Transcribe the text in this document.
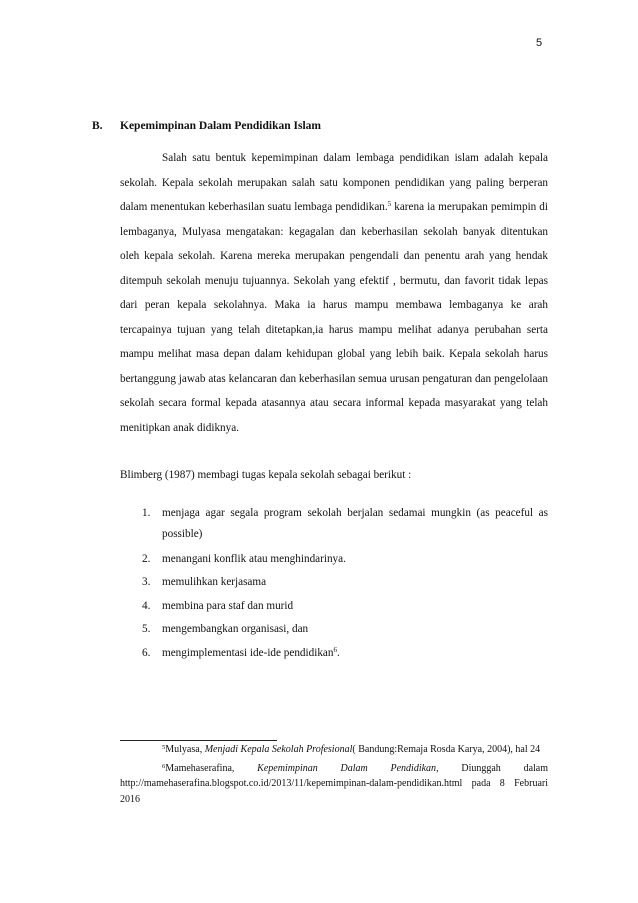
5
B. Kepemimpinan Dalam Pendidikan Islam
Salah satu bentuk kepemimpinan dalam lembaga pendidikan islam adalah kepala sekolah. Kepala sekolah merupakan salah satu komponen pendidikan yang paling berperan dalam menentukan keberhasilan suatu lembaga pendidikan.$^5$ karena ia merupakan pemimpin di lembaganya, Mulyasa mengatakan: kegagalan dan keberhasilan sekolah banyak ditentukan oleh kepala sekolah. Karena mereka merupakan pengendali dan penentu arah yang hendak ditempuh sekolah menuju tujuannya. Sekolah yang efektif , bermutu, dan favorit tidak lepas dari peran kepala sekolahnya. Maka ia harus mampu membawa lembaganya ke arah tercapainya tujuan yang telah ditetapkan,ia harus mampu melihat adanya perubahan serta mampu melihat masa depan dalam kehidupan global yang lebih baik. Kepala sekolah harus bertanggung jawab atas kelancaran dan keberhasilan semua urusan pengaturan dan pengelolaan sekolah secara formal kepada atasannya atau secara informal kepada masyarakat yang telah menitipkan anak didiknya.
Blimberg (1987) membagi tugas kepala sekolah sebagai berikut :
1. menjaga agar segala program sekolah berjalan sedamai mungkin (as peaceful as possible)
2. menangani konflik atau menghindarinya.
3. memulihkan kerjasama
4. membina para staf dan murid
5. mengembangkan organisasi, dan
6. mengimplementasi ide-ide pendidikan$^6$.

$^5$Mulyasa, Menjadi Kepala Sekolah Profesional( Bandung:Remaja Rosda Karya, 2004), hal 24

$^6$Mamehaserafina, Kepemimpinan Dalam Pendidikan, Diunggah dalam http://mamehaserafina.blogspot.co.id/2013/11/kepemimpinan-dalam-pendidikan.html pada 8 Februari 2016
